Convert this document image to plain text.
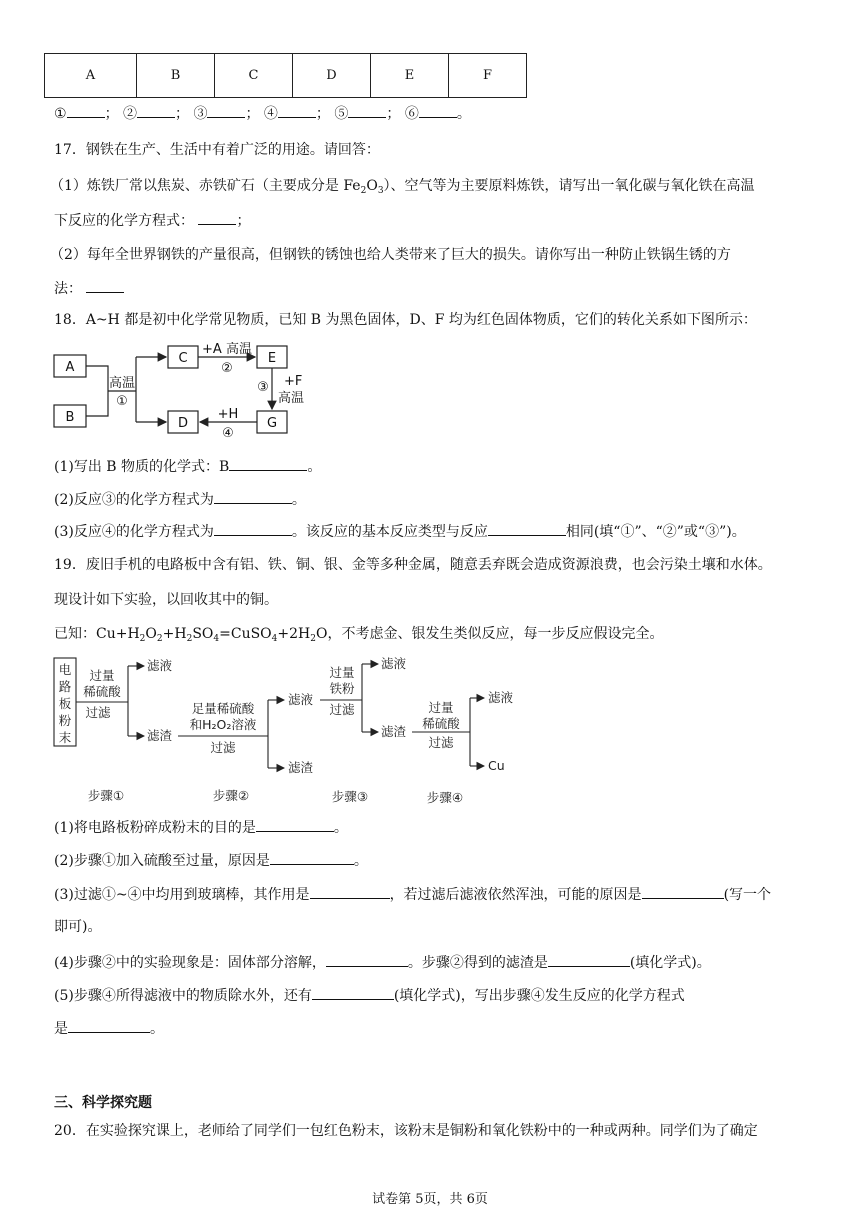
A	B	C	D	E	F
①	； ②	； ③	； ④	； ⑤	； ⑥	。
17．钢铁在生产、生活中有着广泛的用途。请回答：
（1）炼铁厂常以焦炭、赤铁矿石（主要成分是 $Fe_2O_3$）、空气等为主要原料炼铁，请写出一氧化碳与氧化铁在高温
下反应的化学方程式：	；
（2）每年全世界钢铁的产量很高，但钢铁的锈蚀也给人类带来了巨大的损失。请你写出一种防止铁锅生锈的方
法：
18．A~H 都是初中化学常见物质，已知 B 为黑色固体，D、F 均为红色固体物质，它们的转化关系如下图所示：
A
B
C
D
E
G
高温
①
+A 高温
②
③ +F
高温
+H
④
(1)写出 B 物质的化学式：B	。
(2)反应③的化学方程式为	。
(3)反应④的化学方程式为	。该反应的基本反应类型与反应	相同(填“①”、“②”或“③”)。
19．废旧手机的电路板中含有铝、铁、铜、银、金等多种金属，随意丢弃既会造成资源浪费，也会污染土壤和水体。
现设计如下实验，以回收其中的铜。
已知：$Cu+H_2O_2+H_2SO_4=CuSO_4+2H_2O$，不考虑金、银发生类似反应，每一步反应假设完全。
电
路
板
粉
末
过量
稀硫酸
过滤
滤液
滤渣
足量稀硫酸
和H₂O₂溶液
过滤
滤液
滤渣
过量
铁粉
过滤
滤液
滤渣
过量
稀硫酸
过滤
滤液
Cu
步骤①	步骤②	步骤③	步骤④
(1)将电路板粉碎成粉末的目的是	。
(2)步骤①加入硫酸至过量，原因是	。
(3)过滤①~④中均用到玻璃棒，其作用是	，若过滤后滤液依然浑浊，可能的原因是	(写一个
即可)。
(4)步骤②中的实验现象是：固体部分溶解，	。步骤②得到的滤渣是	(填化学式)。
(5)步骤④所得滤液中的物质除水外，还有	(填化学式)，写出步骤④发生反应的化学方程式
是	。
三、科学探究题
20．在实验探究课上，老师给了同学们一包红色粉末，该粉末是铜粉和氧化铁粉中的一种或两种。同学们为了确定
试卷第 5页，共 6页
